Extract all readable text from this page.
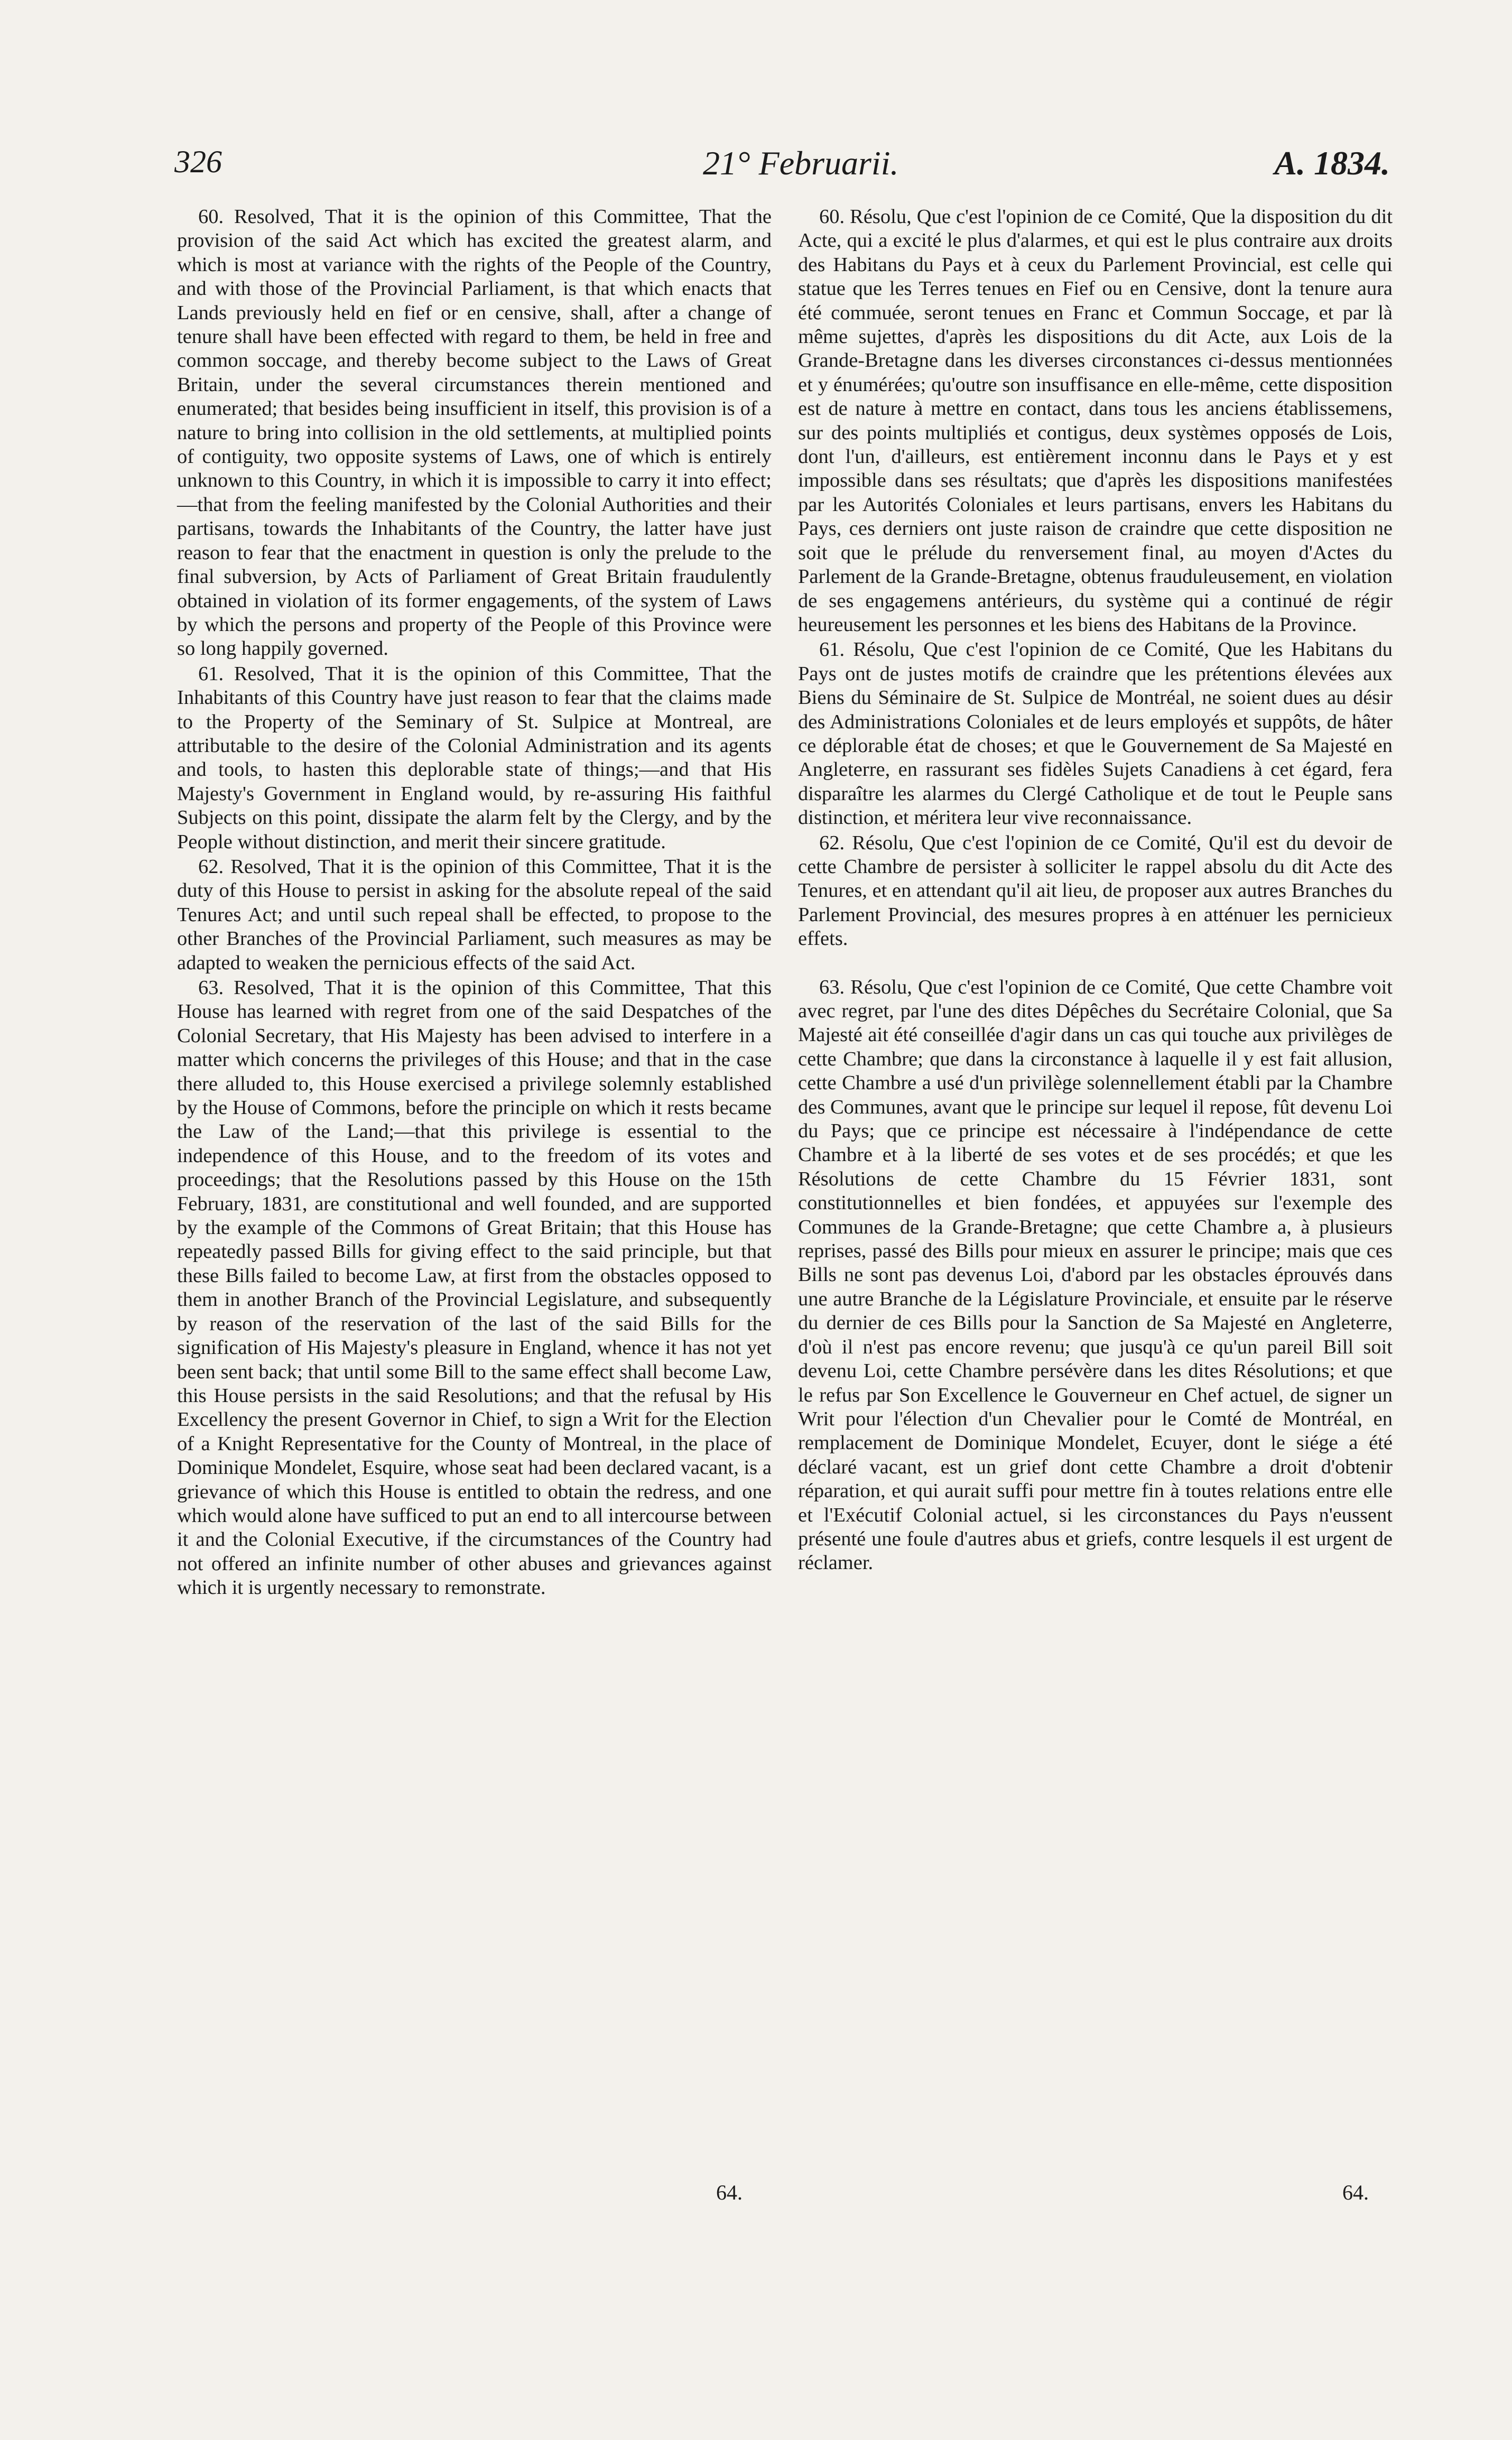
326	21° Februarii.	A. 1834.

60. Resolved, That it is the opinion of this Committee, That the provision of the said Act which has excited the greatest alarm, and which is most at variance with the rights of the People of the Country, and with those of the Provincial Parliament, is that which enacts that Lands previously held en fief or en censive, shall, after a change of tenure shall have been effected with regard to them, be held in free and common soccage, and thereby become subject to the Laws of Great Britain, under the several circumstances therein mentioned and enumerated; that besides being insufficient in itself, this provision is of a nature to bring into collision in the old settlements, at multiplied points of contiguity, two opposite systems of Laws, one of which is entirely unknown to this Country, in which it is impossible to carry it into effect;—that from the feeling manifested by the Colonial Authorities and their partisans, towards the Inhabitants of the Country, the latter have just reason to fear that the enactment in question is only the prelude to the final subversion, by Acts of Parliament of Great Britain fraudulently obtained in violation of its former engagements, of the system of Laws by which the persons and property of the People of this Province were so long happily governed.

61. Resolved, That it is the opinion of this Committee, That the Inhabitants of this Country have just reason to fear that the claims made to the Property of the Seminary of St. Sulpice at Montreal, are attributable to the desire of the Colonial Administration and its agents and tools, to hasten this deplorable state of things;—and that His Majesty's Government in England would, by re-assuring His faithful Subjects on this point, dissipate the alarm felt by the Clergy, and by the People without distinction, and merit their sincere gratitude.

62. Resolved, That it is the opinion of this Committee, That it is the duty of this House to persist in asking for the absolute repeal of the said Tenures Act; and until such repeal shall be effected, to propose to the other Branches of the Provincial Parliament, such measures as may be adapted to weaken the pernicious effects of the said Act.

63. Resolved, That it is the opinion of this Committee, That this House has learned with regret from one of the said Despatches of the Colonial Secretary, that His Majesty has been advised to interfere in a matter which concerns the privileges of this House; and that in the case there alluded to, this House exercised a privilege solemnly established by the House of Commons, before the principle on which it rests became the Law of the Land;—that this privilege is essential to the independence of this House, and to the freedom of its votes and proceedings; that the Resolutions passed by this House on the 15th February, 1831, are constitutional and well founded, and are supported by the example of the Commons of Great Britain; that this House has repeatedly passed Bills for giving effect to the said principle, but that these Bills failed to become Law, at first from the obstacles opposed to them in another Branch of the Provincial Legislature, and subsequently by reason of the reservation of the last of the said Bills for the signification of His Majesty's pleasure in England, whence it has not yet been sent back; that until some Bill to the same effect shall become Law, this House persists in the said Resolutions; and that the refusal by His Excellency the present Governor in Chief, to sign a Writ for the Election of a Knight Representative for the County of Montreal, in the place of Dominique Mondelet, Esquire, whose seat had been declared vacant, is a grievance of which this House is entitled to obtain the redress, and one which would alone have sufficed to put an end to all intercourse between it and the Colonial Executive, if the circumstances of the Country had not offered an infinite number of other abuses and grievances against which it is urgently necessary to remonstrate.

60. Résolu, Que c'est l'opinion de ce Comité, Que la disposition du dit Acte, qui a excité le plus d'alarmes, et qui est le plus contraire aux droits des Habitans du Pays et à ceux du Parlement Provincial, est celle qui statue que les Terres tenues en Fief ou en Censive, dont la tenure aura été commuée, seront tenues en Franc et Commun Soccage, et par là même sujettes, d'après les dispositions du dit Acte, aux Lois de la Grande-Bretagne dans les diverses circonstances ci-dessus mentionnées et y énumérées; qu'outre son insuffisance en elle-même, cette disposition est de nature à mettre en contact, dans tous les anciens établissemens, sur des points multipliés et contigus, deux systèmes opposés de Lois, dont l'un, d'ailleurs, est entièrement inconnu dans le Pays et y est impossible dans ses résultats; que d'après les dispositions manifestées par les Autorités Coloniales et leurs partisans, envers les Habitans du Pays, ces derniers ont juste raison de craindre que cette disposition ne soit que le prélude du renversement final, au moyen d'Actes du Parlement de la Grande-Bretagne, obtenus frauduleusement, en violation de ses engagemens antérieurs, du système qui a continué de régir heureusement les personnes et les biens des Habitans de la Province.

61. Résolu, Que c'est l'opinion de ce Comité, Que les Habitans du Pays ont de justes motifs de craindre que les prétentions élevées aux Biens du Séminaire de St. Sulpice de Montréal, ne soient dues au désir des Administrations Coloniales et de leurs employés et suppôts, de hâter ce déplorable état de choses; et que le Gouvernement de Sa Majesté en Angleterre, en rassurant ses fidèles Sujets Canadiens à cet égard, fera disparaître les alarmes du Clergé Catholique et de tout le Peuple sans distinction, et méritera leur vive reconnaissance.

62. Résolu, Que c'est l'opinion de ce Comité, Qu'il est du devoir de cette Chambre de persister à solliciter le rappel absolu du dit Acte des Tenures, et en attendant qu'il ait lieu, de proposer aux autres Branches du Parlement Provincial, des mesures propres à en atténuer les pernicieux effets.

63. Résolu, Que c'est l'opinion de ce Comité, Que cette Chambre voit avec regret, par l'une des dites Dépêches du Secrétaire Colonial, que Sa Majesté ait été conseillée d'agir dans un cas qui touche aux privilèges de cette Chambre; que dans la circonstance à laquelle il y est fait allusion, cette Chambre a usé d'un privilège solennellement établi par la Chambre des Communes, avant que le principe sur lequel il repose, fût devenu Loi du Pays; que ce principe est nécessaire à l'indépendance de cette Chambre et à la liberté de ses votes et de ses procédés; et que les Résolutions de cette Chambre du 15 Février 1831, sont constitutionnelles et bien fondées, et appuyées sur l'exemple des Communes de la Grande-Bretagne; que cette Chambre a, à plusieurs reprises, passé des Bills pour mieux en assurer le principe; mais que ces Bills ne sont pas devenus Loi, d'abord par les obstacles éprouvés dans une autre Branche de la Législature Provinciale, et ensuite par le réserve du dernier de ces Bills pour la Sanction de Sa Majesté en Angleterre, d'où il n'est pas encore revenu; que jusqu'à ce qu'un pareil Bill soit devenu Loi, cette Chambre persévère dans les dites Résolutions; et que le refus par Son Excellence le Gouverneur en Chef actuel, de signer un Writ pour l'élection d'un Chevalier pour le Comté de Montréal, en remplacement de Dominique Mondelet, Ecuyer, dont le siége a été déclaré vacant, est un grief dont cette Chambre a droit d'obtenir réparation, et qui aurait suffi pour mettre fin à toutes relations entre elle et l'Exécutif Colonial actuel, si les circonstances du Pays n'eussent présenté une foule d'autres abus et griefs, contre lesquels il est urgent de réclamer.

64.	64.
